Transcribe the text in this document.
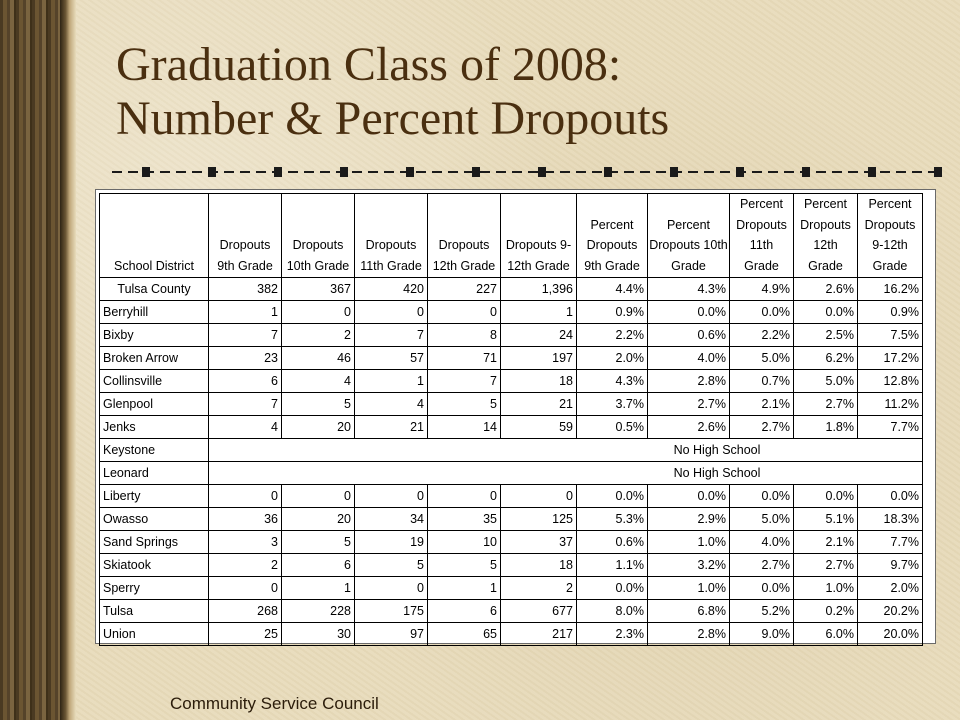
Graduation Class of 2008:
Number & Percent Dropouts
School District	Dropouts 9th Grade	Dropouts 10th Grade	Dropouts 11th Grade	Dropouts 12th Grade	Dropouts 9-12th Grade	Percent Dropouts 9th Grade	Percent Dropouts 10th Grade	Percent Dropouts 11th Grade	Percent Dropouts 12th Grade	Percent Dropouts 9-12th Grade
Tulsa County	382	367	420	227	1,396	4.4%	4.3%	4.9%	2.6%	16.2%
Berryhill	1	0	0	0	1	0.9%	0.0%	0.0%	0.0%	0.9%
Bixby	7	2	7	8	24	2.2%	0.6%	2.2%	2.5%	7.5%
Broken Arrow	23	46	57	71	197	2.0%	4.0%	5.0%	6.2%	17.2%
Collinsville	6	4	1	7	18	4.3%	2.8%	0.7%	5.0%	12.8%
Glenpool	7	5	4	5	21	3.7%	2.7%	2.1%	2.7%	11.2%
Jenks	4	20	21	14	59	0.5%	2.6%	2.7%	1.8%	7.7%
Keystone						No High School				
Leonard						No High School				
Liberty	0	0	0	0	0	0.0%	0.0%	0.0%	0.0%	0.0%
Owasso	36	20	34	35	125	5.3%	2.9%	5.0%	5.1%	18.3%
Sand Springs	3	5	19	10	37	0.6%	1.0%	4.0%	2.1%	7.7%
Skiatook	2	6	5	5	18	1.1%	3.2%	2.7%	2.7%	9.7%
Sperry	0	1	0	1	2	0.0%	1.0%	0.0%	1.0%	2.0%
Tulsa	268	228	175	6	677	8.0%	6.8%	5.2%	0.2%	20.2%
Union	25	30	97	65	217	2.3%	2.8%	9.0%	6.0%	20.0%
Community Service Council
